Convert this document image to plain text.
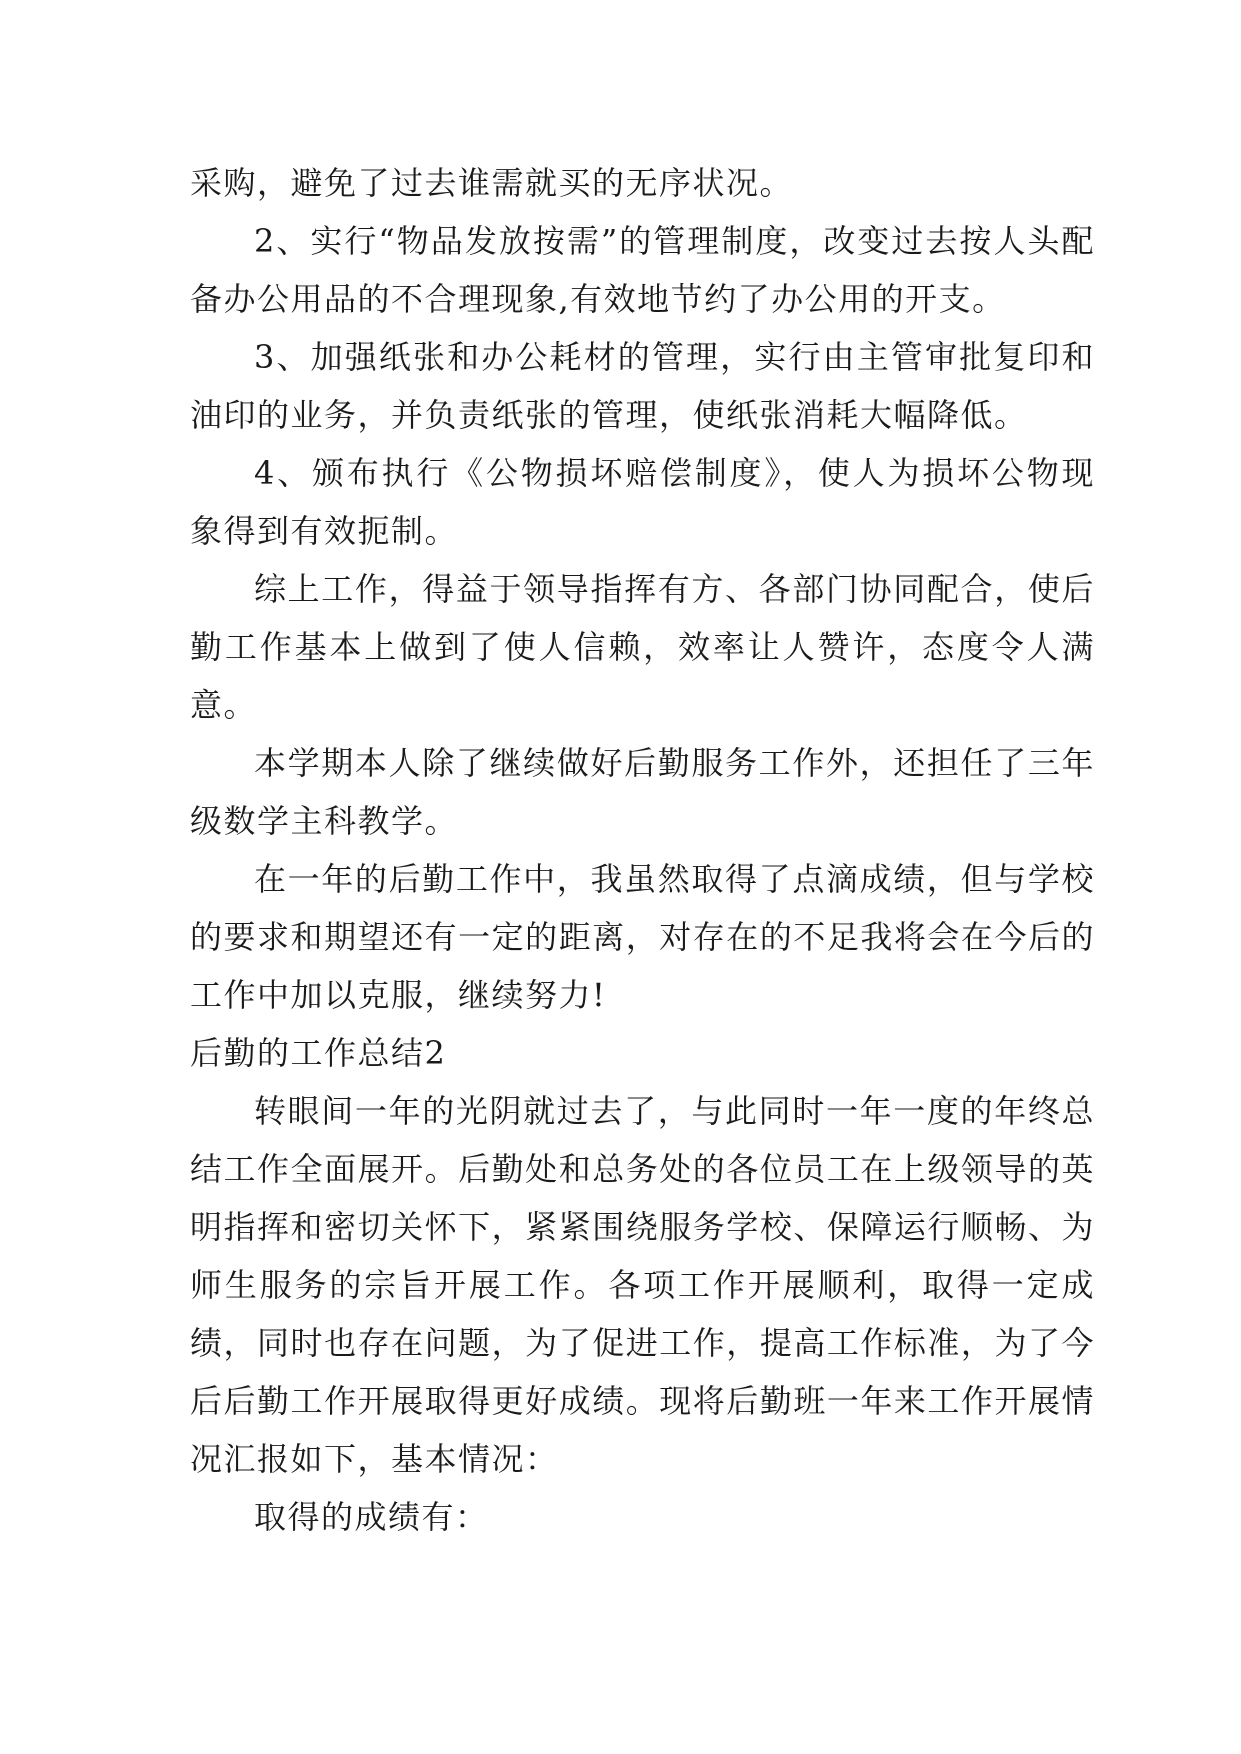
采购，避免了过去谁需就买的无序状况。

2、实行“物品发放按需”的管理制度，改变过去按人头配备办公用品的不合理现象,有效地节约了办公用的开支。

3、加强纸张和办公耗材的管理，实行由主管审批复印和油印的业务，并负责纸张的管理，使纸张消耗大幅降低。

4、颁布执行《公物损坏赔偿制度》，使人为损坏公物现象得到有效扼制。

综上工作，得益于领导指挥有方、各部门协同配合，使后勤工作基本上做到了使人信赖，效率让人赞许，态度令人满意。

本学期本人除了继续做好后勤服务工作外，还担任了三年级数学主科教学。

在一年的后勤工作中，我虽然取得了点滴成绩，但与学校的要求和期望还有一定的距离，对存在的不足我将会在今后的工作中加以克服，继续努力!

后勤的工作总结2

转眼间一年的光阴就过去了，与此同时一年一度的年终总结工作全面展开。后勤处和总务处的各位员工在上级领导的英明指挥和密切关怀下，紧紧围绕服务学校、保障运行顺畅、为师生服务的宗旨开展工作。各项工作开展顺利，取得一定成绩，同时也存在问题，为了促进工作，提高工作标准，为了今后后勤工作开展取得更好成绩。现将后勤班一年来工作开展情况汇报如下，基本情况：

取得的成绩有：
